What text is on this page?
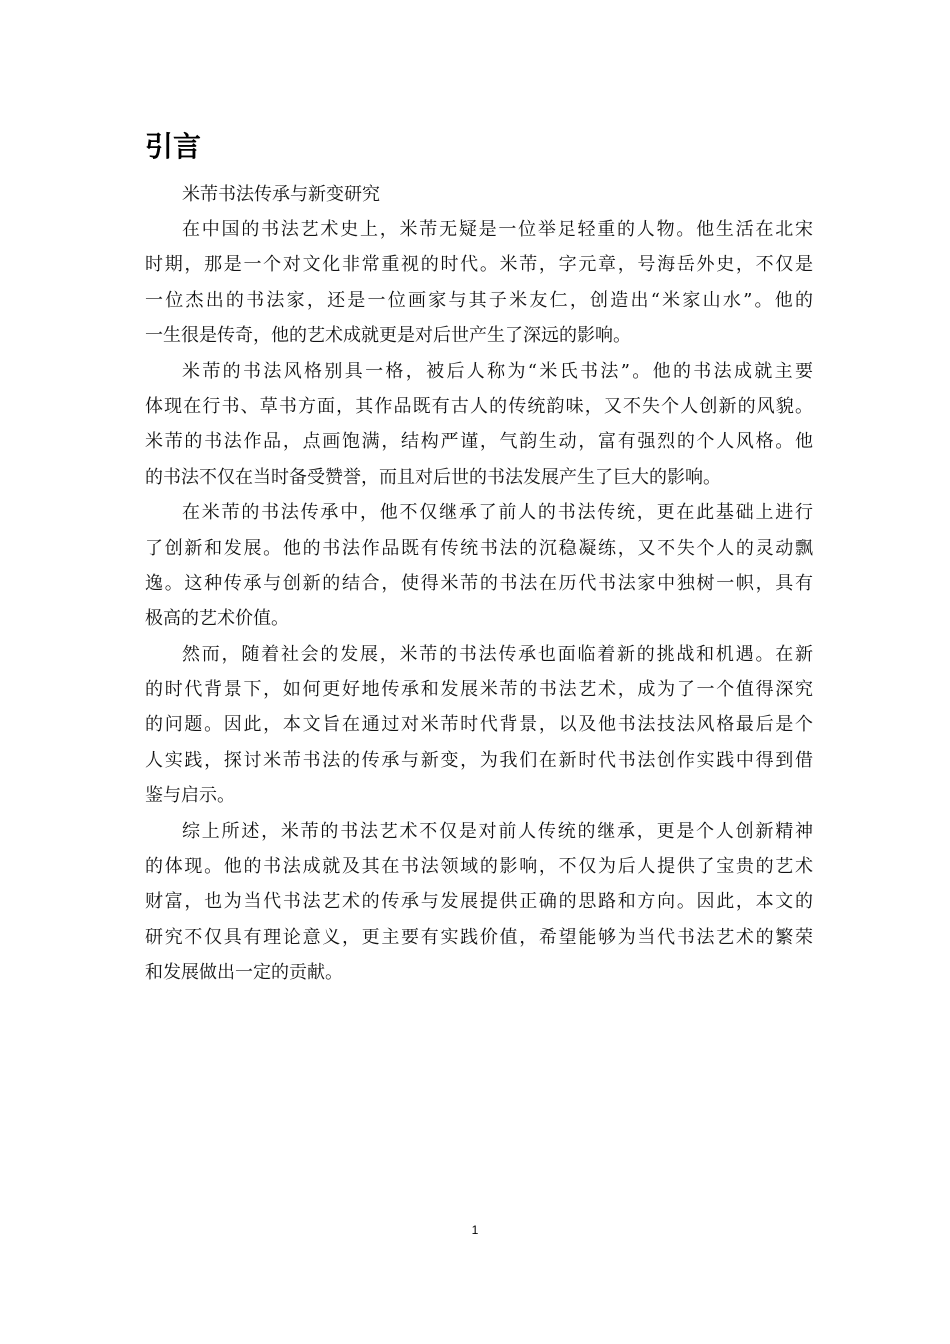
引言

米芾书法传承与新变研究

在中国的书法艺术史上，米芾无疑是一位举足轻重的人物。他生活在北宋
时期，那是一个对文化非常重视的时代。米芾，字元章，号海岳外史，不仅是
一位杰出的书法家，还是一位画家与其子米友仁，创造出“米家山水”。他的
一生很是传奇，他的艺术成就更是对后世产生了深远的影响。

米芾的书法风格别具一格，被后人称为“米氏书法”。他的书法成就主要
体现在行书、草书方面，其作品既有古人的传统韵味，又不失个人创新的风貌。
米芾的书法作品，点画饱满，结构严谨，气韵生动，富有强烈的个人风格。他
的书法不仅在当时备受赞誉，而且对后世的书法发展产生了巨大的影响。

在米芾的书法传承中，他不仅继承了前人的书法传统，更在此基础上进行
了创新和发展。他的书法作品既有传统书法的沉稳凝练，又不失个人的灵动飘
逸。这种传承与创新的结合，使得米芾的书法在历代书法家中独树一帜，具有
极高的艺术价值。

然而，随着社会的发展，米芾的书法传承也面临着新的挑战和机遇。在新
的时代背景下，如何更好地传承和发展米芾的书法艺术，成为了一个值得深究
的问题。因此，本文旨在通过对米芾时代背景，以及他书法技法风格最后是个
人实践，探讨米芾书法的传承与新变，为我们在新时代书法创作实践中得到借
鉴与启示。

综上所述，米芾的书法艺术不仅是对前人传统的继承，更是个人创新精神
的体现。他的书法成就及其在书法领域的影响，不仅为后人提供了宝贵的艺术
财富，也为当代书法艺术的传承与发展提供正确的思路和方向。因此，本文的
研究不仅具有理论意义，更主要有实践价值，希望能够为当代书法艺术的繁荣
和发展做出一定的贡献。

1
